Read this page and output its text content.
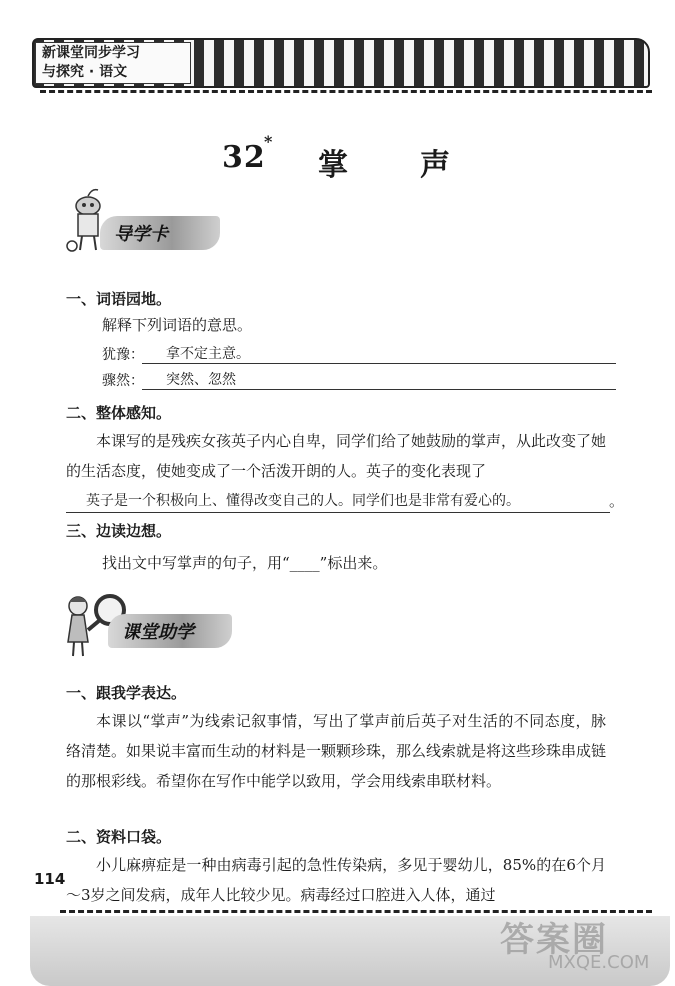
新课堂同步学习
与探究 · 语文
32
*
掌 声
导学卡
一、词语园地。
解释下列词语的意思。
犹豫： 拿不定主意。
骤然： 突然、忽然
二、整体感知。
本课写的是残疾女孩英子内心自卑，同学们给了她鼓励的掌声，从此改变了她的生活态度，使她变成了一个活泼开朗的人。英子的变化表现了
英子是一个积极向上、懂得改变自己的人。同学们也是非常有爱心的。	。
三、边读边想。
找出文中写掌声的句子，用“____”标出来。
课堂助学
一、跟我学表达。
本课以“掌声”为线索记叙事情，写出了掌声前后英子对生活的不同态度，脉络清楚。如果说丰富而生动的材料是一颗颗珍珠，那么线索就是将这些珍珠串成链的那根彩线。希望你在写作中能学以致用，学会用线索串联材料。
二、资料口袋。
小儿麻痹症是一种由病毒引起的急性传染病，多见于婴幼儿，85%的在6个月～3岁之间发病，成年人比较少见。病毒经过口腔进入人体，通过
114
答案圈
MXQE.COM
